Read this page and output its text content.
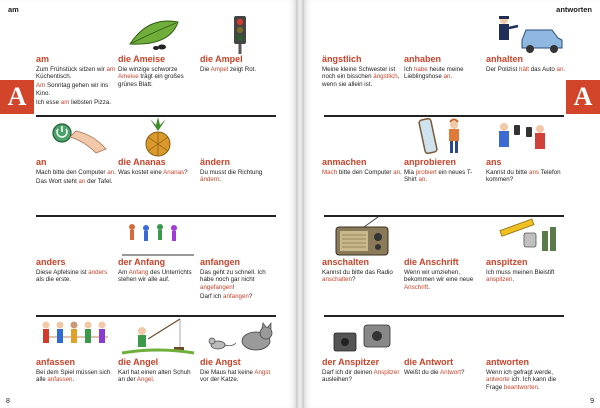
am
A
am

Zum Frühstück sitzen wir am Küchentisch.

Am Sonntag gehen wir ins Kino.

Ich esse am liebsten Pizza.

die Ameise

Die winzige schworze Ameise trägt ein großes grünes Blatt.

die Ampel

Die Ampel zeigt Rot.

an

Mach bitte den Computer an.

Das Wort steht an der Tafel.

die Ananas

Was kostet eine Ananas?

ändern

Du musst die Richtung ändern.

anders

Diese Apfelsine ist anders als die erste.

der Anfang

Am Anfang des Unterrichts stehen wir alle auf.

anfangen

Das geht zu schnell. Ich habe noch gar nicht angefangen!

Darf ich anfangen?

anfassen

Bei dem Spiel müssen sich alle anfassen.

die Angel

Karl hat einen alten Schuh an der Angel.

die Angst

Die Maus hat keine Angst vor der Katze.

8
antworten
A
ängstlich

Meine kleine Schwester ist noch ein bisschen ängstlich, wenn sie allein ist.

anhaben

Ich habe heute meine Lieblingshose an.

anhalten

Der Polizist hält das Auto an.

anmachen

Mach bitte den Computer an.

anprobieren

Mia probiert ein neues T-Shirt an.

ans

Kannst du bitte ans Telefon kommen?

anschalten

Kannst du bitte das Radio anschalten?

die Anschrift

Wenn wir umziehen, bekommen wir eine neue Anschrift.

anspitzen

Ich muss meinen Bleistift anspitzen.

der Anspitzer

Darf ich dir deinen Anspitzer ausleihen?

die Antwort

Weißt du die Antwort?

antworten

Wenn ich gefragt werde, antworte ich. Ich kann die Frage beantworten.

9
